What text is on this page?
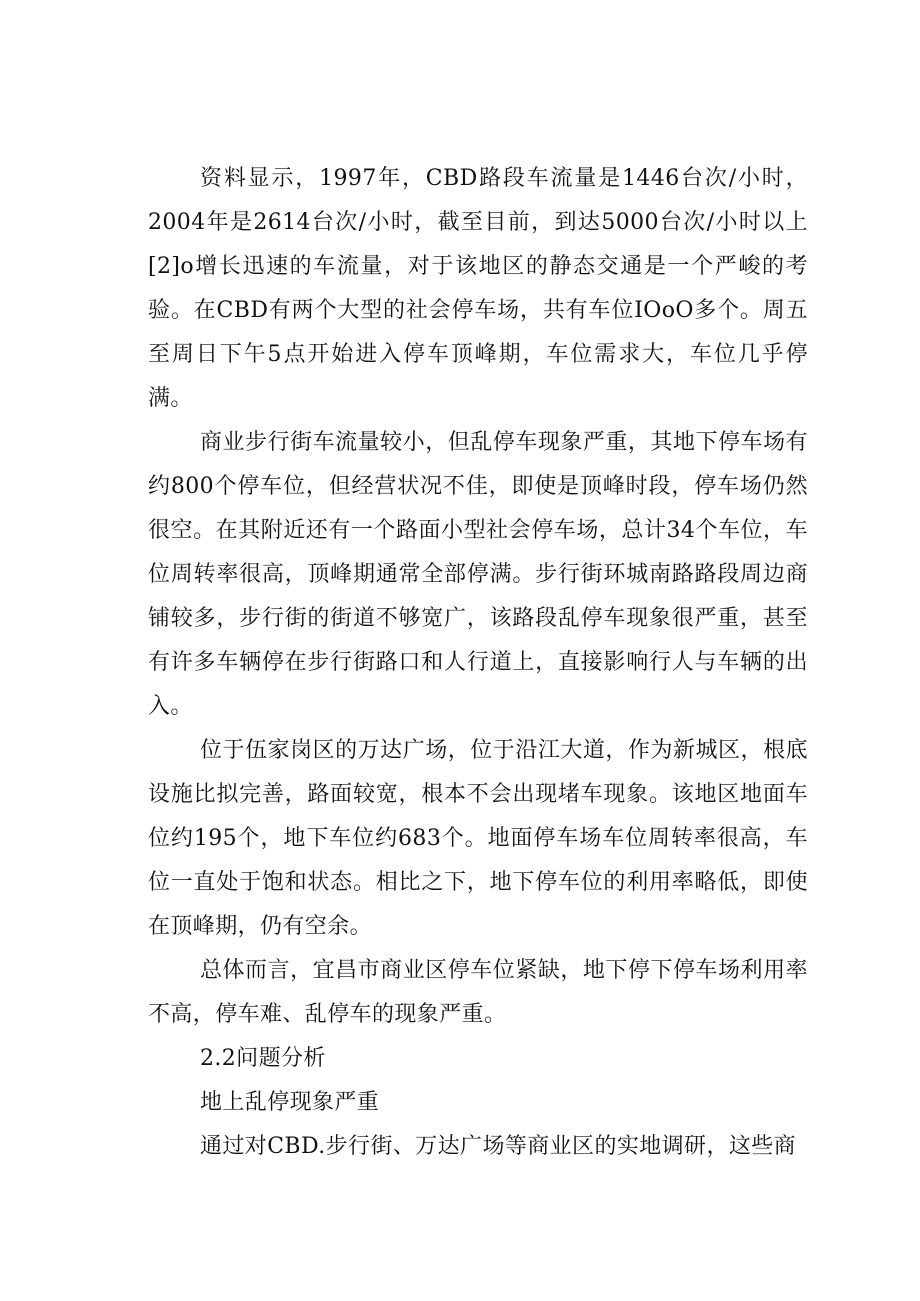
资料显示，1997年，CBD路段车流量是1446台次/小时，2004年是2614台次/小时，截至目前，到达5000台次/小时以上[2]o增长迅速的车流量，对于该地区的静态交通是一个严峻的考验。在CBD有两个大型的社会停车场，共有车位IOoO多个。周五至周日下午5点开始进入停车顶峰期，车位需求大，车位几乎停满。

商业步行街车流量较小，但乱停车现象严重，其地下停车场有约800个停车位，但经营状况不佳，即使是顶峰时段，停车场仍然很空。在其附近还有一个路面小型社会停车场，总计34个车位，车位周转率很高，顶峰期通常全部停满。步行街环城南路路段周边商铺较多，步行街的街道不够宽广，该路段乱停车现象很严重，甚至有许多车辆停在步行街路口和人行道上，直接影响行人与车辆的出入。

位于伍家岗区的万达广场，位于沿江大道，作为新城区，根底设施比拟完善，路面较宽，根本不会出现堵车现象。该地区地面车位约195个，地下车位约683个。地面停车场车位周转率很高，车位一直处于饱和状态。相比之下，地下停车位的利用率略低，即使在顶峰期，仍有空余。

总体而言，宜昌市商业区停车位紧缺，地下停下停车场利用率不高，停车难、乱停车的现象严重。

2.2问题分析

地上乱停现象严重

通过对CBD.步行街、万达广场等商业区的实地调研，这些商
